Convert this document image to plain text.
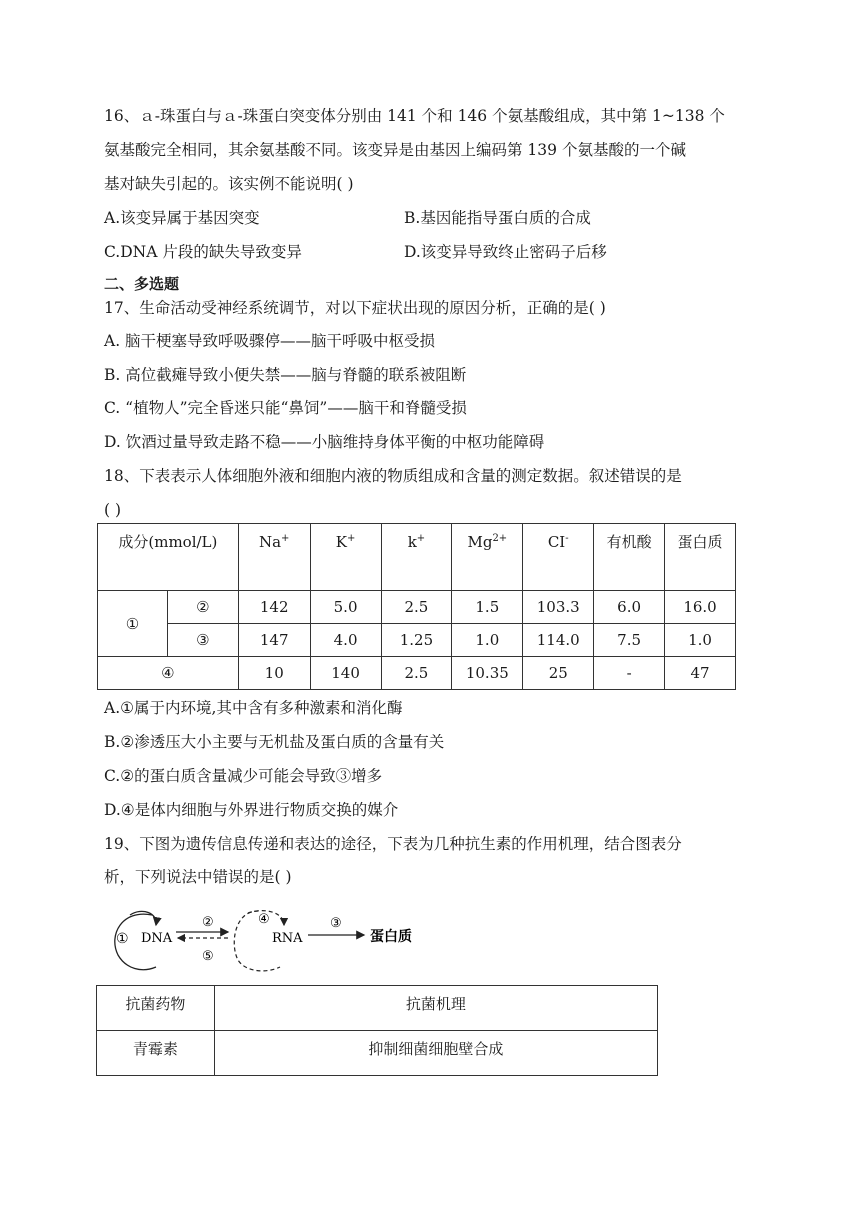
16、ａ-珠蛋白与ａ-珠蛋白突变体分别由 141 个和 146 个氨基酸组成，其中第 1~138 个
氨基酸完全相同，其余氨基酸不同。该变异是由基因上编码第 139 个氨基酸的一个碱
基对缺失引起的。该实例不能说明( )
A.该变异属于基因突变	B.基因能指导蛋白质的合成
C.DNA 片段的缺失导致变异	D.该变异导致终止密码子后移
二、多选题
17、生命活动受神经系统调节，对以下症状出现的原因分析，正确的是( )
A. 脑干梗塞导致呼吸骤停——脑干呼吸中枢受损
B. 高位截瘫导致小便失禁——脑与脊髓的联系被阻断
C. “植物人”完全昏迷只能“鼻饲”——脑干和脊髓受损
D. 饮酒过量导致走路不稳——小脑维持身体平衡的中枢功能障碍
18、下表表示人体细胞外液和细胞内液的物质组成和含量的测定数据。叙述错误的是
( )
成分(mmol/L)		Na+	K+	k+	$Mg^{2+}$	CI-	有机酸	蛋白质
①	②	142	5.0	2.5	1.5	103.3	6.0	16.0
	③	147	4.0	1.25	1.0	114.0	7.5	1.0
④		10	140	2.5	10.35	25	-	47
A.①属于内环境,其中含有多种激素和消化酶
B.②渗透压大小主要与无机盐及蛋白质的含量有关
C.②的蛋白质含量减少可能会导致③增多
D.④是体内细胞与外界进行物质交换的媒介
19、下图为遗传信息传递和表达的途径，下表为几种抗生素的作用机理，结合图表分
析，下列说法中错误的是( )
① DNA
②
⑤
④
RNA
③
蛋白质
抗菌药物	抗菌机理
青霉素	抑制细菌细胞壁合成
